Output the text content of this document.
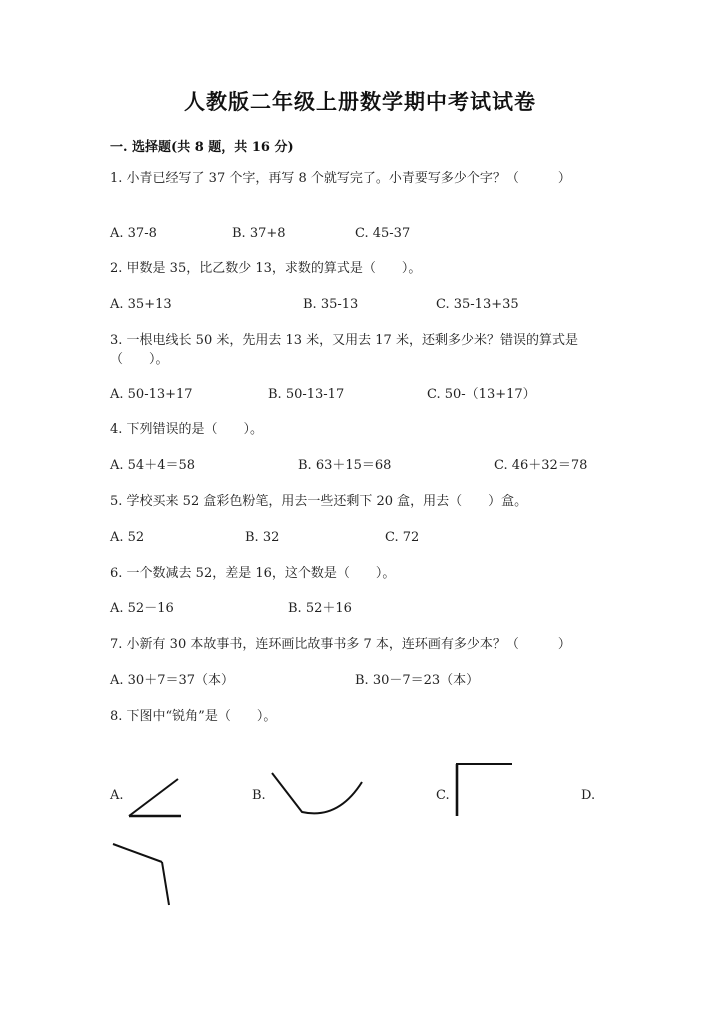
人教版二年级上册数学期中考试试卷
一. 选择题(共 8 题，共 16 分)
1. 小青已经写了 37 个字，再写 8 个就写完了。小青要写多少个字？（　　　）
A. 37-8	B. 37+8	C. 45-37
2. 甲数是 35，比乙数少 13，求数的算式是（　　）。
A. 35+13	B. 35-13	C. 35-13+35
3. 一根电线长 50 米，先用去 13 米，又用去 17 米，还剩多少米？错误的算式是（　　）。
A. 50-13+17	B. 50-13-17	C. 50-（13+17）
4. 下列错误的是（　　）。
A. 54＋4＝58	B. 63＋15＝68	C. 46＋32＝78
5. 学校买来 52 盒彩色粉笔，用去一些还剩下 20 盒，用去（　　）盒。
A. 52	B. 32	C. 72
6. 一个数减去 52，差是 16，这个数是（　　）。
A. 52－16	B. 52＋16
7. 小新有 30 本故事书，连环画比故事书多 7 本，连环画有多少本？（　　　）
A. 30＋7＝37（本）	B. 30－7＝23（本）
8. 下图中“锐角”是（　　）。
A.	B.	C.	D.
